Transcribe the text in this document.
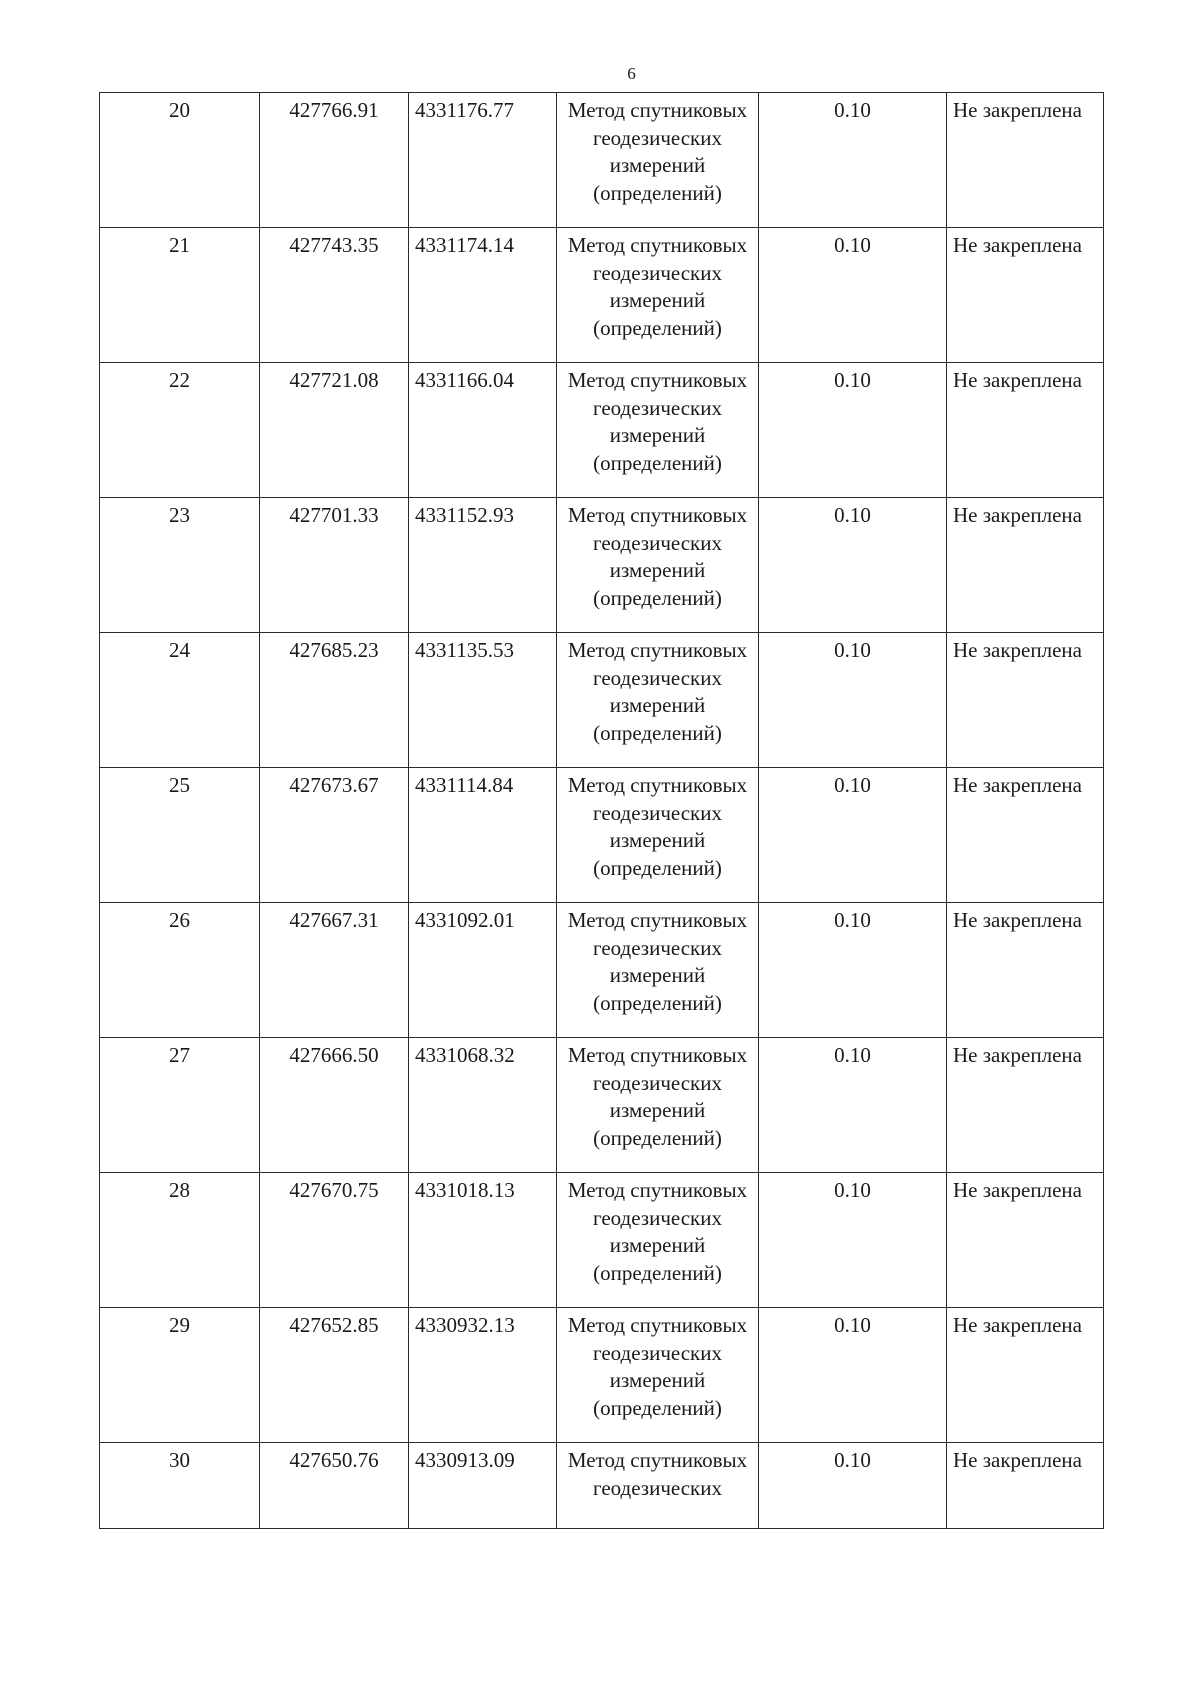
6
20	427766.91	4331176.77	Метод спутниковых геодезических измерений (определений)	0.10	Не закреплена
21	427743.35	4331174.14	Метод спутниковых геодезических измерений (определений)	0.10	Не закреплена
22	427721.08	4331166.04	Метод спутниковых геодезических измерений (определений)	0.10	Не закреплена
23	427701.33	4331152.93	Метод спутниковых геодезических измерений (определений)	0.10	Не закреплена
24	427685.23	4331135.53	Метод спутниковых геодезических измерений (определений)	0.10	Не закреплена
25	427673.67	4331114.84	Метод спутниковых геодезических измерений (определений)	0.10	Не закреплена
26	427667.31	4331092.01	Метод спутниковых геодезических измерений (определений)	0.10	Не закреплена
27	427666.50	4331068.32	Метод спутниковых геодезических измерений (определений)	0.10	Не закреплена
28	427670.75	4331018.13	Метод спутниковых геодезических измерений (определений)	0.10	Не закреплена
29	427652.85	4330932.13	Метод спутниковых геодезических измерений (определений)	0.10	Не закреплена
30	427650.76	4330913.09	Метод спутниковых геодезических	0.10	Не закреплена
